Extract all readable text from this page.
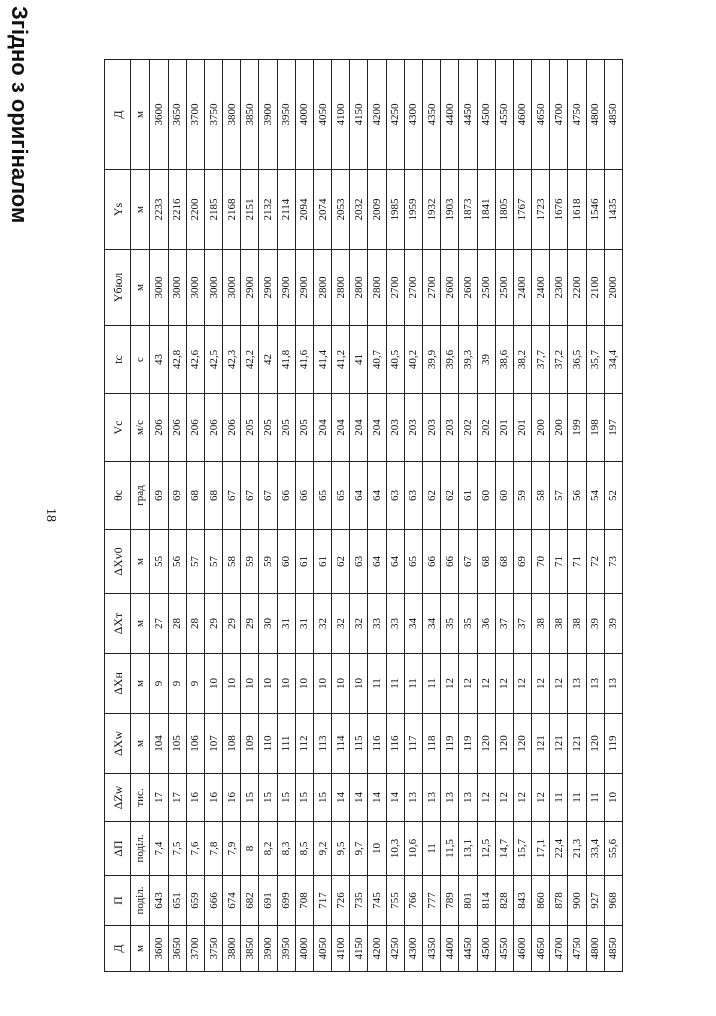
Згідно з оригіналом
18
Д	П	ΔП	ΔZw	ΔXw	ΔXн	ΔXт	ΔXv0	θc	Vc	tc	Yбюл	Ys	Д
м	поділ.	поділ.	тис.	м	м	м	м	град	м/с	с	м	м	м
3600	643	7,4	17	104	9	27	55	69	206	43	3000	2233	3600
3650	651	7,5	17	105	9	28	56	69	206	42,8	3000	2216	3650
3700	659	7,6	16	106	9	28	57	68	206	42,6	3000	2200	3700
3750	666	7,8	16	107	10	29	57	68	206	42,5	3000	2185	3750
3800	674	7,9	16	108	10	29	58	67	206	42,3	3000	2168	3800
3850	682	8	15	109	10	29	59	67	205	42,2	2900	2151	3850
3900	691	8,2	15	110	10	30	59	67	205	42	2900	2132	3900
3950	699	8,3	15	111	10	31	60	66	205	41,8	2900	2114	3950
4000	708	8,5	15	112	10	31	61	66	205	41,6	2900	2094	4000
4050	717	9,2	15	113	10	32	61	65	204	41,4	2800	2074	4050
4100	726	9,5	14	114	10	32	62	65	204	41,2	2800	2053	4100
4150	735	9,7	14	115	10	32	63	64	204	41	2800	2032	4150
4200	745	10	14	116	11	33	64	64	204	40,7	2800	2009	4200
4250	755	10,3	14	116	11	33	64	63	203	40,5	2700	1985	4250
4300	766	10,6	13	117	11	34	65	63	203	40,2	2700	1959	4300
4350	777	11	13	118	11	34	66	62	203	39,9	2700	1932	4350
4400	789	11,5	13	119	12	35	66	62	203	39,6	2600	1903	4400
4450	801	13,1	13	119	12	35	67	61	202	39,3	2600	1873	4450
4500	814	12,5	12	120	12	36	68	60	202	39	2500	1841	4500
4550	828	14,7	12	120	12	37	68	60	201	38,6	2500	1805	4550
4600	843	15,7	12	120	12	37	69	59	201	38,2	2400	1767	4600
4650	860	17,1	12	121	12	38	70	58	200	37,7	2400	1723	4650
4700	878	22,4	11	121	12	38	71	57	200	37,2	2300	1676	4700
4750	900	21,3	11	121	13	38	71	56	199	36,5	2200	1618	4750
4800	927	33,4	11	120	13	39	72	54	198	35,7	2100	1546	4800
4850	968	55,6	10	119	13	39	73	52	197	34,4	2000	1435	4850
